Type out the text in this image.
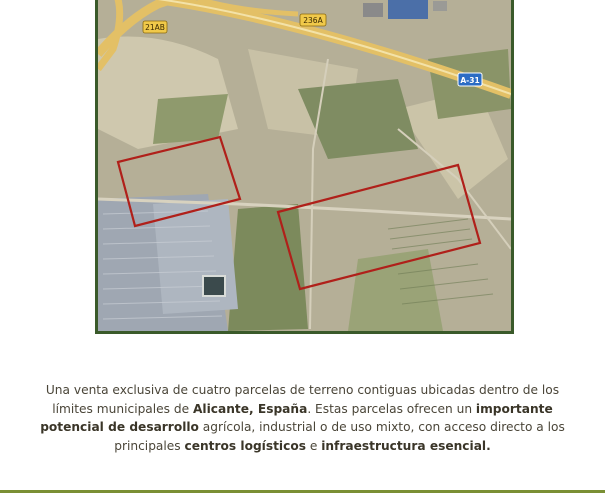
21AB
236A
A-31

Una venta exclusiva de cuatro parcelas de terreno contiguas ubicadas dentro de los límites municipales de Alicante, España. Estas parcelas ofrecen un importante potencial de desarrollo agrícola, industrial o de uso mixto, con acceso directo a los principales centros logísticos e infraestructura esencial.
